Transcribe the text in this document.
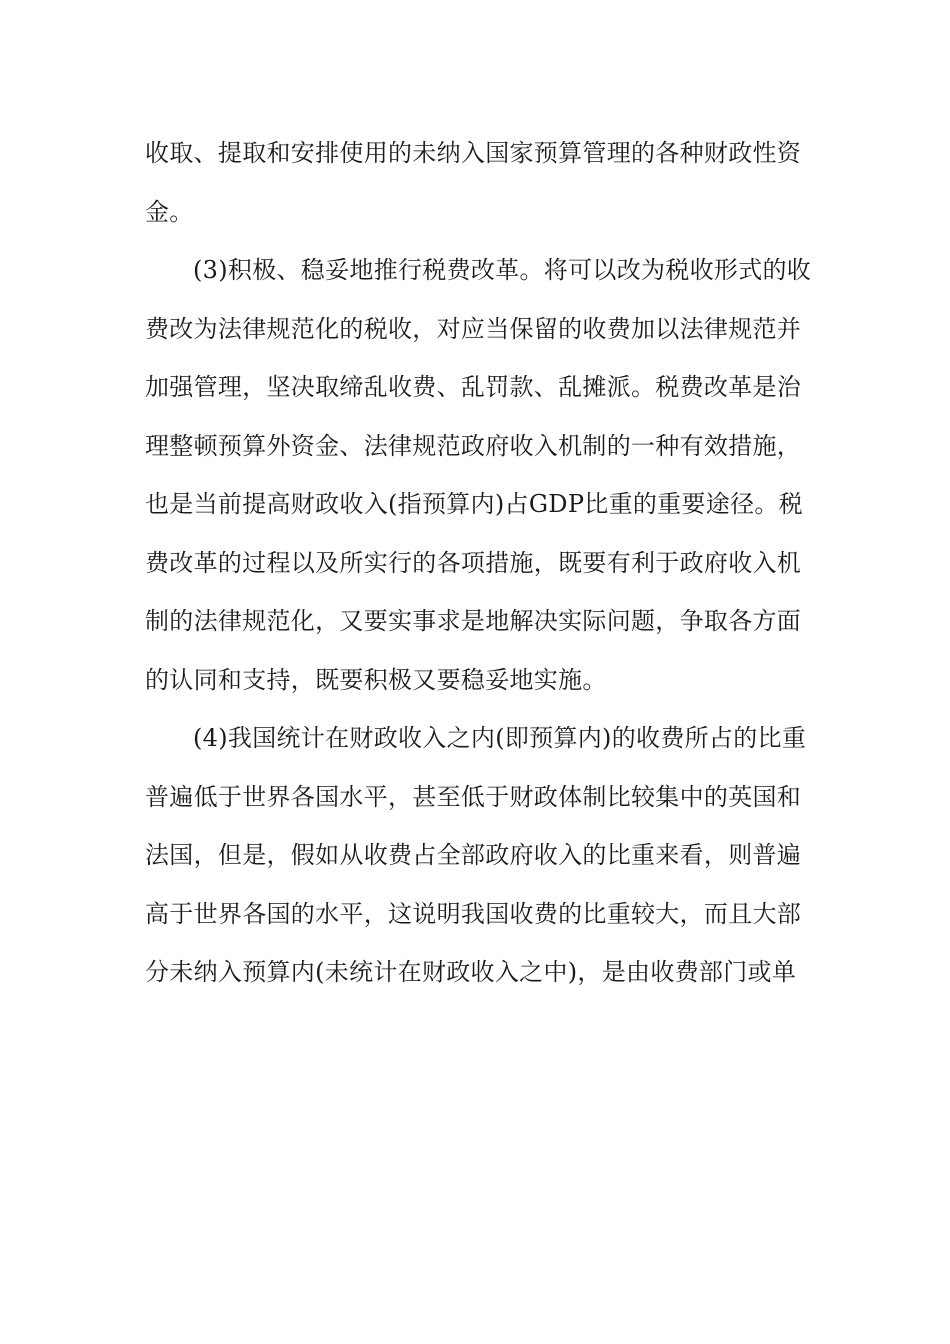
收取、提取和安排使用的未纳入国家预算管理的各种财政性资
金。
(3)积极、稳妥地推行税费改革。将可以改为税收形式的收
费改为法律规范化的税收，对应当保留的收费加以法律规范并
加强管理，坚决取缔乱收费、乱罚款、乱摊派。税费改革是治
理整顿预算外资金、法律规范政府收入机制的一种有效措施，
也是当前提高财政收入(指预算内)占GDP比重的重要途径。税
费改革的过程以及所实行的各项措施，既要有利于政府收入机
制的法律规范化，又要实事求是地解决实际问题，争取各方面
的认同和支持，既要积极又要稳妥地实施。
(4)我国统计在财政收入之内(即预算内)的收费所占的比重
普遍低于世界各国水平，甚至低于财政体制比较集中的英国和
法国，但是，假如从收费占全部政府收入的比重来看，则普遍
高于世界各国的水平，这说明我国收费的比重较大，而且大部
分未纳入预算内(未统计在财政收入之中)，是由收费部门或单
